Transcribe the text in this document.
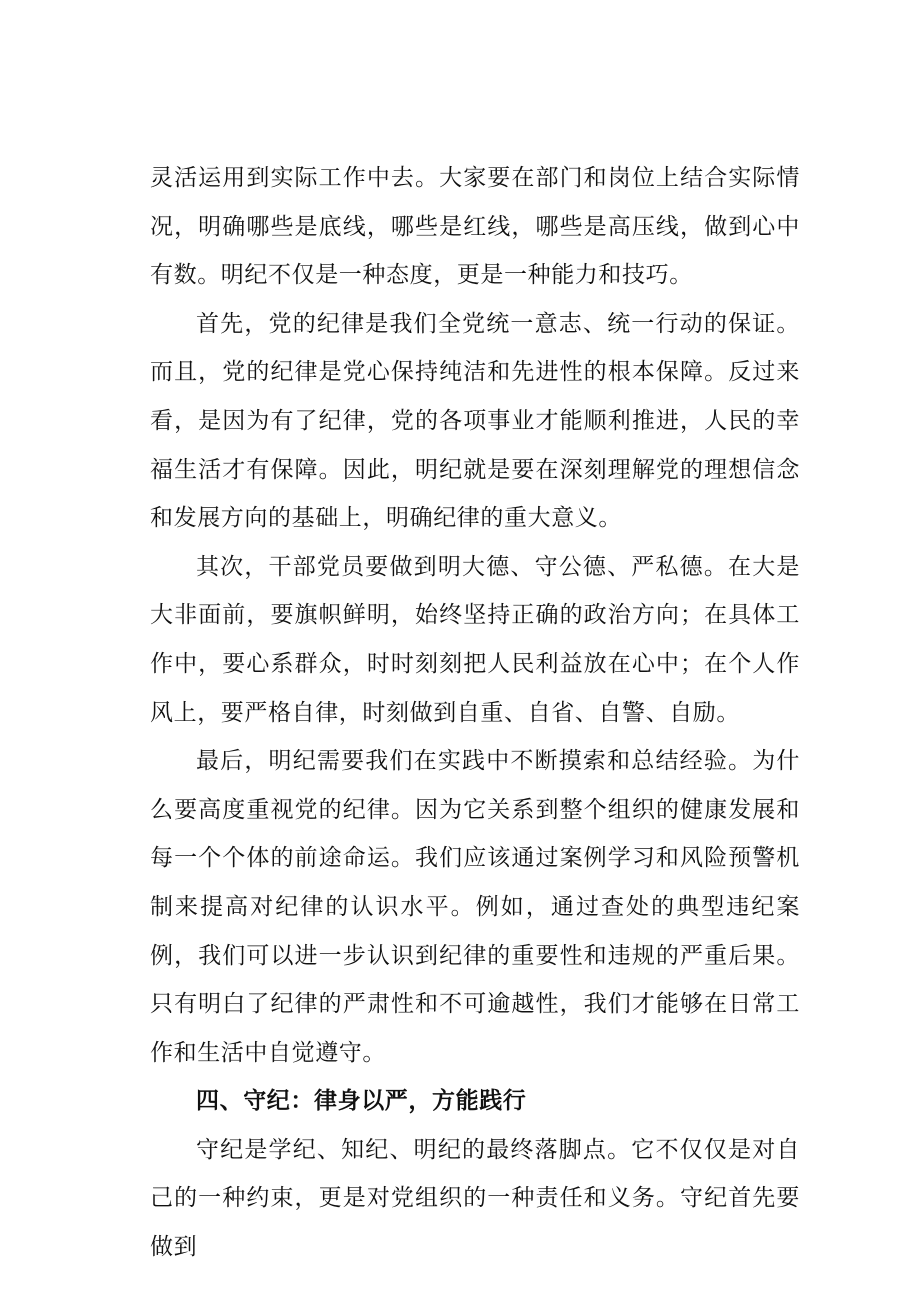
灵活运用到实际工作中去。大家要在部门和岗位上结合实际情况，明确哪些是底线，哪些是红线，哪些是高压线，做到心中有数。明纪不仅是一种态度，更是一种能力和技巧。

首先，党的纪律是我们全党统一意志、统一行动的保证。而且，党的纪律是党心保持纯洁和先进性的根本保障。反过来看，是因为有了纪律，党的各项事业才能顺利推进，人民的幸福生活才有保障。因此，明纪就是要在深刻理解党的理想信念和发展方向的基础上，明确纪律的重大意义。

其次，干部党员要做到明大德、守公德、严私德。在大是大非面前，要旗帜鲜明，始终坚持正确的政治方向；在具体工作中，要心系群众，时时刻刻把人民利益放在心中；在个人作风上，要严格自律，时刻做到自重、自省、自警、自励。

最后，明纪需要我们在实践中不断摸索和总结经验。为什么要高度重视党的纪律。因为它关系到整个组织的健康发展和每一个个体的前途命运。我们应该通过案例学习和风险预警机制来提高对纪律的认识水平。例如，通过查处的典型违纪案例，我们可以进一步认识到纪律的重要性和违规的严重后果。只有明白了纪律的严肃性和不可逾越性，我们才能够在日常工作和生活中自觉遵守。

四、守纪：律身以严，方能践行

守纪是学纪、知纪、明纪的最终落脚点。它不仅仅是对自己的一种约束，更是对党组织的一种责任和义务。守纪首先要做到
